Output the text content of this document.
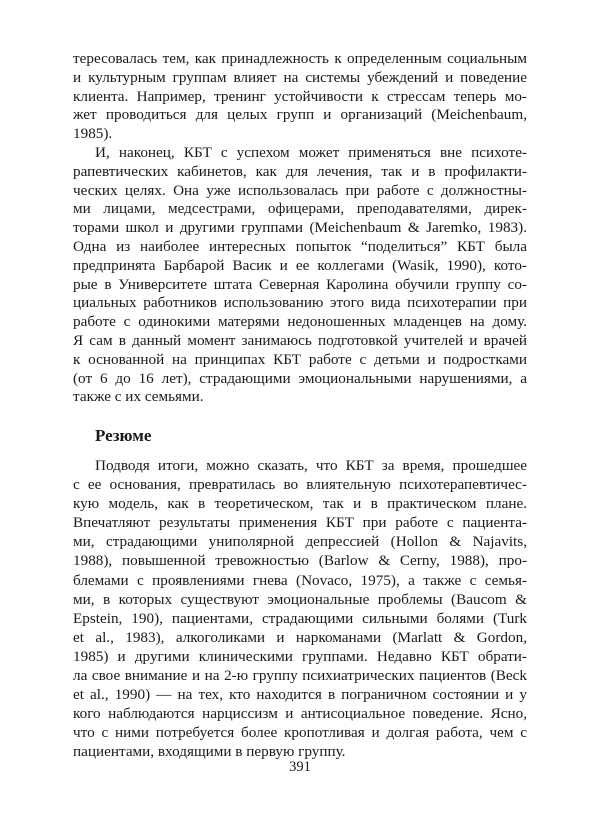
тересовалась тем, как принадлежность к определенным социальным
и культурным группам влияет на системы убеждений и поведение
клиента. Например, тренинг устойчивости к стрессам теперь мо-
жет проводиться для целых групп и организаций (Meichenbaum,
1985).
И, наконец, КБТ с успехом может применяться вне психоте-
рапевтических кабинетов, как для лечения, так и в профилакти-
ческих целях. Она уже использовалась при работе с должностны-
ми лицами, медсестрами, офицерами, преподавателями, дирек-
торами школ и другими группами (Meichenbaum & Jaremko, 1983).
Одна из наиболее интересных попыток “поделиться” КБТ была
предпринята Барбарой Васик и ее коллегами (Wasik, 1990), кото-
рые в Университете штата Северная Каролина обучили группу со-
циальных работников использованию этого вида психотерапии при
работе с одинокими матерями недоношенных младенцев на дому.
Я сам в данный момент занимаюсь подготовкой учителей и врачей
к основанной на принципах КБТ работе с детьми и подростками
(от 6 до 16 лет), страдающими эмоциональными нарушениями, а
также с их семьями.
Резюме
Подводя итоги, можно сказать, что КБТ за время, прошедшее
с ее основания, превратилась во влиятельную психотерапевтичес-
кую модель, как в теоретическом, так и в практическом плане.
Впечатляют результаты применения КБТ при работе с пациента-
ми, страдающими униполярной депрессией (Hollon & Najavits,
1988), повышенной тревожностью (Barlow & Cerny, 1988), про-
блемами с проявлениями гнева (Novaco, 1975), а также с семья-
ми, в которых существуют эмоциональные проблемы (Baucom &
Epstein, 190), пациентами, страдающими сильными болями (Turk
et al., 1983), алкоголиками и наркоманами (Marlatt & Gordon,
1985) и другими клиническими группами. Недавно КБТ обрати-
ла свое внимание и на 2-ю группу психиатрических пациентов (Beck
et al., 1990) — на тех, кто находится в пограничном состоянии и у
кого наблюдаются нарциссизм и антисоциальное поведение. Ясно,
что с ними потребуется более кропотливая и долгая работа, чем с
пациентами, входящими в первую группу.
391
